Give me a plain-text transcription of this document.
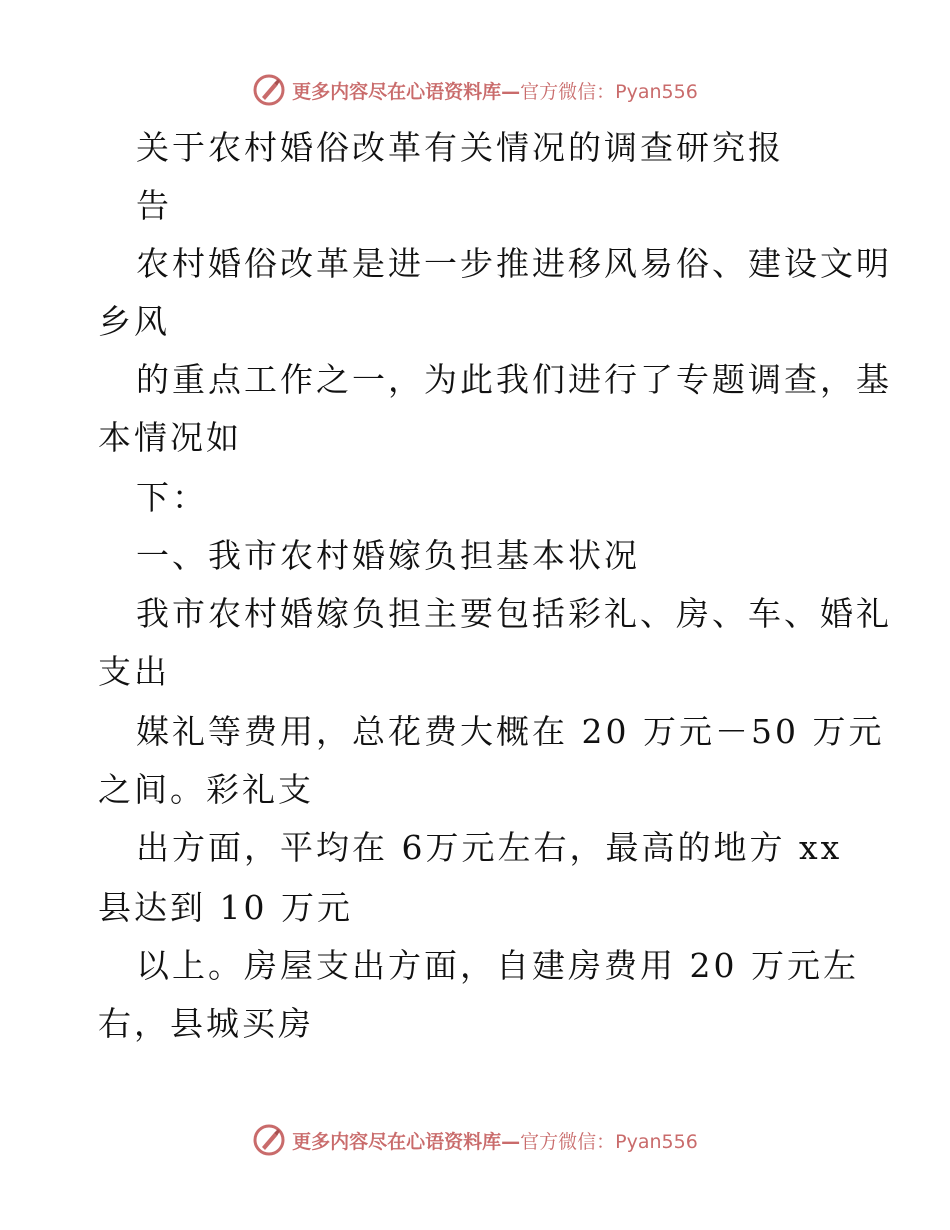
更多内容尽在心语资料库—官方微信：Pyan556
关于农村婚俗改革有关情况的调查研究报
告
农村婚俗改革是进一步推进移风易俗、建设文明
乡风
的重点工作之一，为此我们进行了专题调查，基
本情况如
下：
一、我市农村婚嫁负担基本状况
我市农村婚嫁负担主要包括彩礼、房、车、婚礼
支出
媒礼等费用，总花费大概在 20 万元－50 万元
之间。彩礼支
出方面，平均在 6万元左右，最高的地方 xx
县达到 10 万元
以上。房屋支出方面，自建房费用 20 万元左
右，县城买房
更多内容尽在心语资料库—官方微信：Pyan556
